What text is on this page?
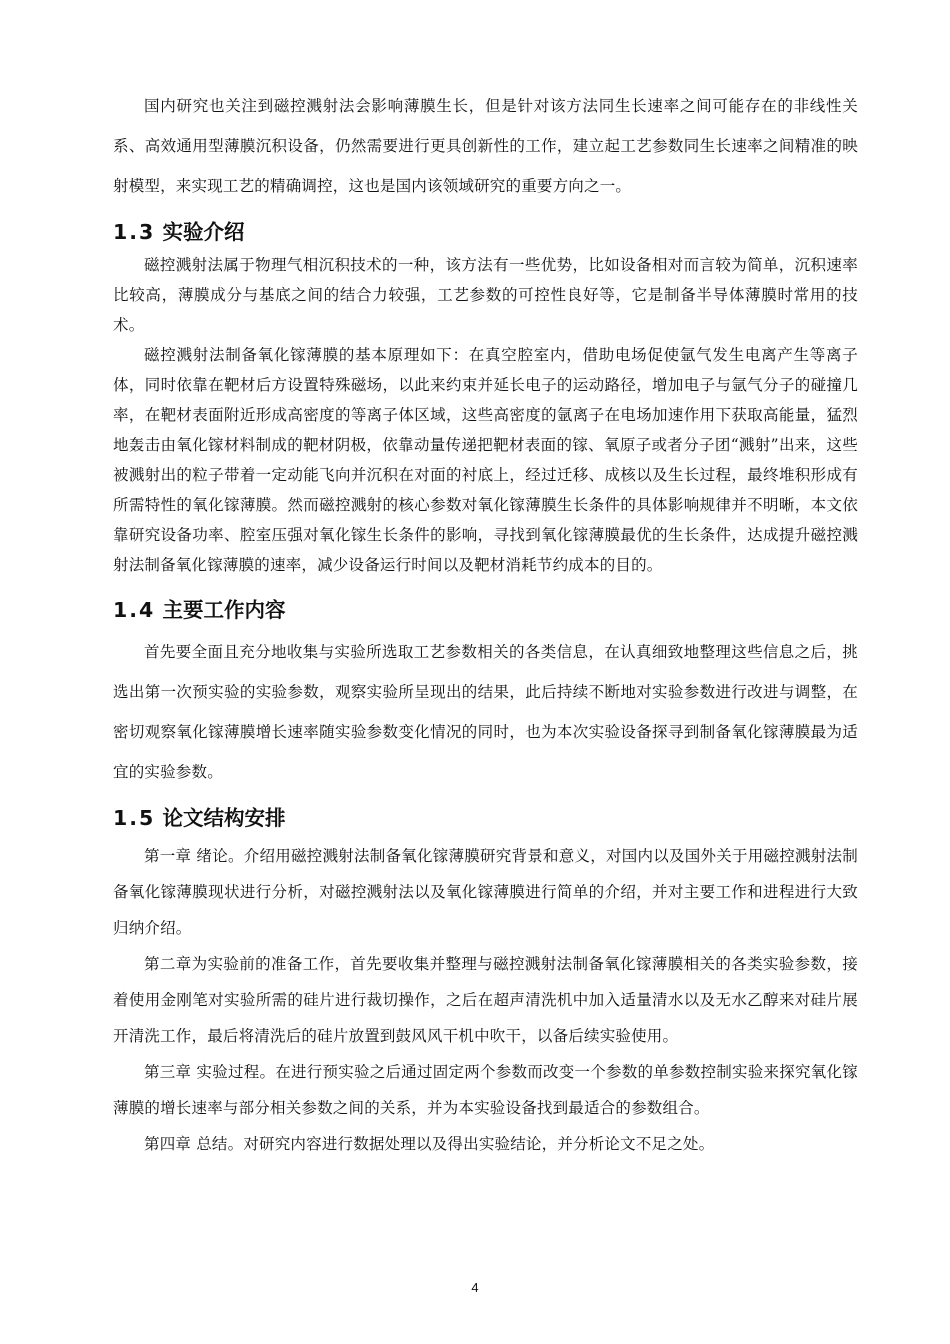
国内研究也关注到磁控溅射法会影响薄膜生长，但是针对该方法同生长速率之间可能存在的非线性关系、高效通用型薄膜沉积设备，仍然需要进行更具创新性的工作，建立起工艺参数同生长速率之间精准的映射模型，来实现工艺的精确调控，这也是国内该领域研究的重要方向之一。

1.3 实验介绍

磁控溅射法属于物理气相沉积技术的一种，该方法有一些优势，比如设备相对而言较为简单，沉积速率比较高，薄膜成分与基底之间的结合力较强，工艺参数的可控性良好等，它是制备半导体薄膜时常用的技术。

磁控溅射法制备氧化镓薄膜的基本原理如下：在真空腔室内，借助电场促使氩气发生电离产生等离子体，同时依靠在靶材后方设置特殊磁场，以此来约束并延长电子的运动路径，增加电子与氩气分子的碰撞几率，在靶材表面附近形成高密度的等离子体区域，这些高密度的氩离子在电场加速作用下获取高能量，猛烈地轰击由氧化镓材料制成的靶材阴极，依靠动量传递把靶材表面的镓、氧原子或者分子团“溅射”出来，这些被溅射出的粒子带着一定动能飞向并沉积在对面的衬底上，经过迁移、成核以及生长过程，最终堆积形成有所需特性的氧化镓薄膜。然而磁控溅射的核心参数对氧化镓薄膜生长条件的具体影响规律并不明晰，本文依靠研究设备功率、腔室压强对氧化镓生长条件的影响，寻找到氧化镓薄膜最优的生长条件，达成提升磁控溅射法制备氧化镓薄膜的速率，减少设备运行时间以及靶材消耗节约成本的目的。

1.4 主要工作内容

首先要全面且充分地收集与实验所选取工艺参数相关的各类信息，在认真细致地整理这些信息之后，挑选出第一次预实验的实验参数，观察实验所呈现出的结果，此后持续不断地对实验参数进行改进与调整，在密切观察氧化镓薄膜增长速率随实验参数变化情况的同时，也为本次实验设备探寻到制备氧化镓薄膜最为适宜的实验参数。

1.5 论文结构安排

第一章 绪论。介绍用磁控溅射法制备氧化镓薄膜研究背景和意义，对国内以及国外关于用磁控溅射法制备氧化镓薄膜现状进行分析，对磁控溅射法以及氧化镓薄膜进行简单的介绍，并对主要工作和进程进行大致归纳介绍。

第二章为实验前的准备工作，首先要收集并整理与磁控溅射法制备氧化镓薄膜相关的各类实验参数，接着使用金刚笔对实验所需的硅片进行裁切操作，之后在超声清洗机中加入适量清水以及无水乙醇来对硅片展开清洗工作，最后将清洗后的硅片放置到鼓风风干机中吹干，以备后续实验使用。

第三章 实验过程。在进行预实验之后通过固定两个参数而改变一个参数的单参数控制实验来探究氧化镓薄膜的增长速率与部分相关参数之间的关系，并为本实验设备找到最适合的参数组合。

第四章 总结。对研究内容进行数据处理以及得出实验结论，并分析论文不足之处。

4
